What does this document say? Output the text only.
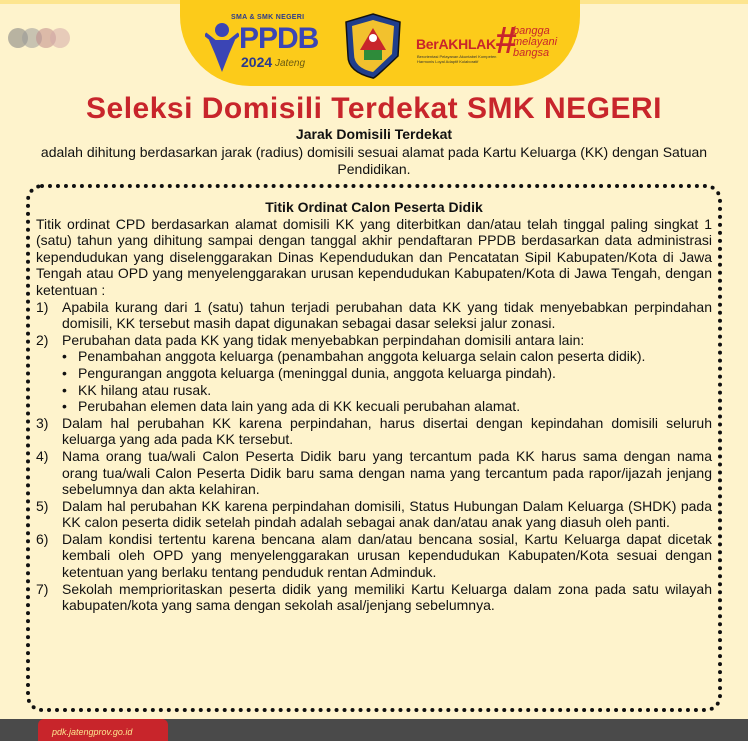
SMA & SMK NEGERI
PPDB
2024 Jateng
BerAKHLAK
Berorientasi Pelayanan Akuntabel Kompeten Harmonis Loyal Adaptif Kolaboratif #
bangga
melayani
bangsa
Seleksi Domisili Terdekat SMK NEGERI
Jarak Domisili Terdekat
adalah dihitung berdasarkan jarak (radius) domisili sesuai alamat pada Kartu Keluarga (KK) dengan Satuan Pendidikan.
Titik Ordinat Calon Peserta Didik
Titik ordinat CPD berdasarkan alamat domisili KK yang diterbitkan dan/atau telah tinggal paling singkat 1 (satu) tahun yang dihitung sampai dengan tanggal akhir pendaftaran PPDB berdasarkan data administrasi kependudukan yang diselenggarakan Dinas Kependudukan dan Pencatatan Sipil Kabupaten/Kota di Jawa Tengah atau OPD yang menyelenggarakan urusan kependudukan Kabupaten/Kota di Jawa Tengah, dengan ketentuan :
1) Apabila kurang dari 1 (satu) tahun terjadi perubahan data KK yang tidak menyebabkan perpindahan domisili, KK tersebut masih dapat digunakan sebagai dasar seleksi jalur zonasi.
2) Perubahan data pada KK yang tidak menyebabkan perpindahan domisili antara lain:
• Penambahan anggota keluarga (penambahan anggota keluarga selain calon peserta didik).
• Pengurangan anggota keluarga (meninggal dunia, anggota keluarga pindah).
• KK hilang atau rusak.
• Perubahan elemen data lain yang ada di KK kecuali perubahan alamat.
3) Dalam hal perubahan KK karena perpindahan, harus disertai dengan kepindahan domisili seluruh keluarga yang ada pada KK tersebut.
4) Nama orang tua/wali Calon Peserta Didik baru yang tercantum pada KK harus sama dengan nama orang tua/wali Calon Peserta Didik baru sama dengan nama yang tercantum pada rapor/ijazah jenjang sebelumnya dan akta kelahiran.
5) Dalam hal perubahan KK karena perpindahan domisili, Status Hubungan Dalam Keluarga (SHDK) pada KK calon peserta didik setelah pindah adalah sebagai anak dan/atau anak yang diasuh oleh panti.
6) Dalam kondisi tertentu karena bencana alam dan/atau bencana sosial, Kartu Keluarga dapat dicetak kembali oleh OPD yang menyelenggarakan urusan kependudukan Kabupaten/Kota sesuai dengan ketentuan yang berlaku tentang penduduk rentan Adminduk.
7) Sekolah memprioritaskan peserta didik yang memiliki Kartu Keluarga dalam zona pada satu wilayah kabupaten/kota yang sama dengan sekolah asal/jenjang sebelumnya.
pdk.jatengprov.go.id
